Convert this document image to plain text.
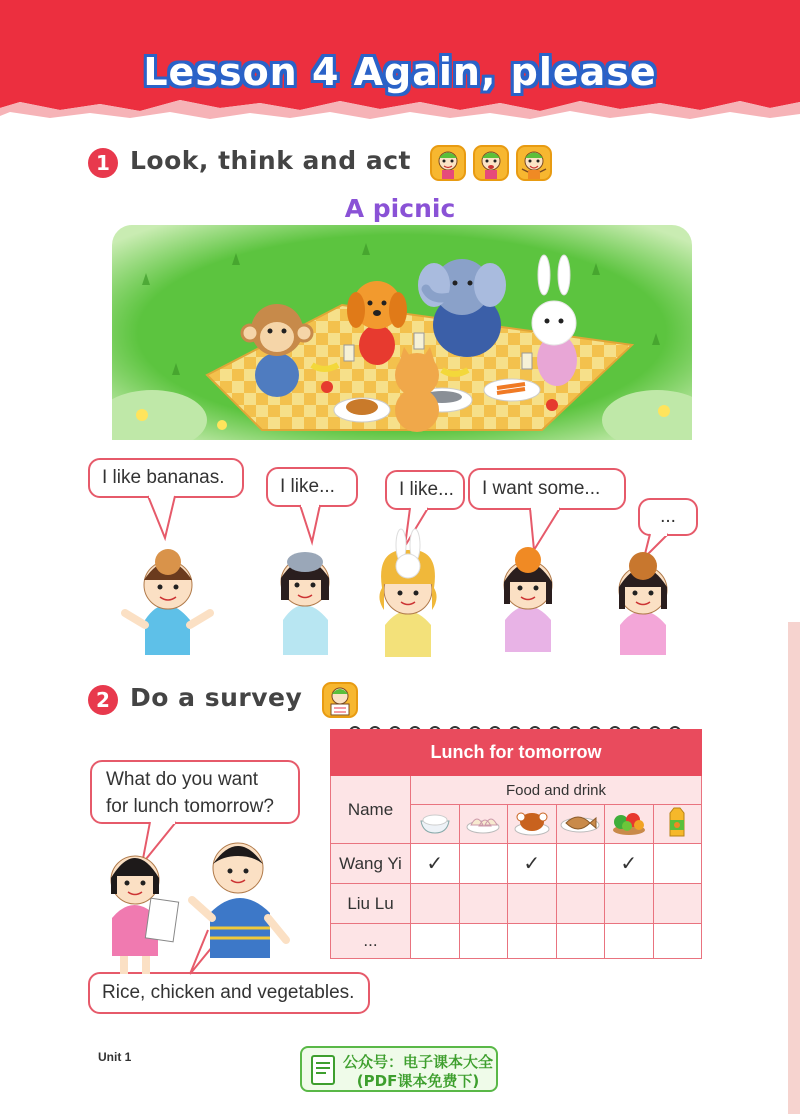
Lesson 4 Again, please
1 Look, think and act
A picnic
I like bananas.	I like...	I like...	I want some...
...
2 Do a survey
What do you want
for lunch tomorrow?
Rice, chicken and vegetables.
Lunch for tomorrow						
Name	Food and drink					

Wang Yi	✓		✓		✓	
Liu Lu						
...						
Unit 1	公众号：电子课本大全
(PDF课本免费下)
